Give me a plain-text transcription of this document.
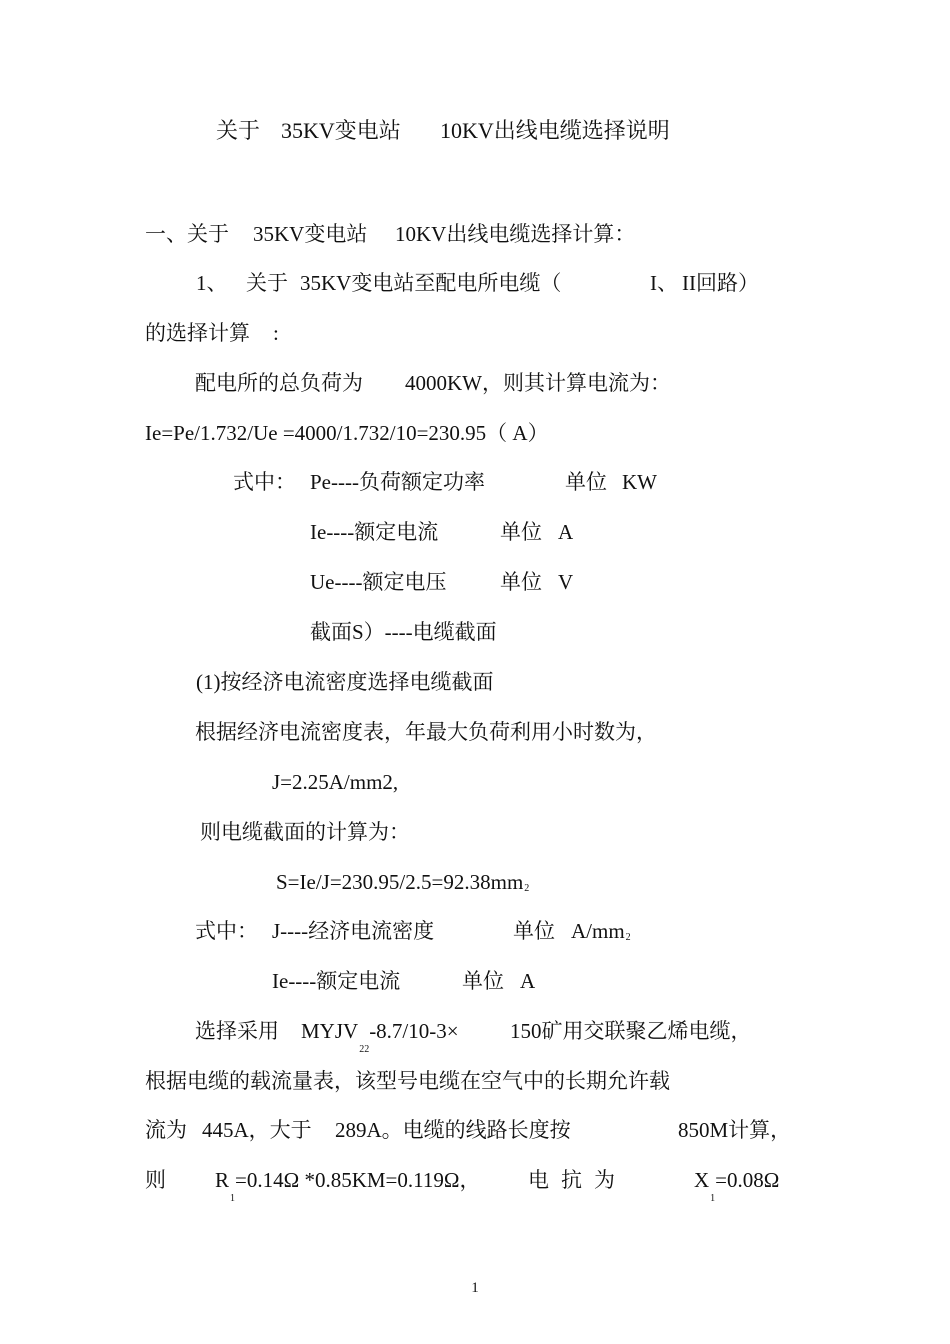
关于 35KV变电站 10KV出线电缆选择说明
一、关于 35KV变电站 10KV出线电缆选择计算：
1、 关于 35KV变电站至配电所电缆（	I、 II回路）
的选择计算 :
配电所的总负荷为 4000KW，则其计算电流为：
Ie=Pe/1.732/Ue =4000/1.732/10=230.95（ A）
式中： Pe----负荷额定功率	单位 KW
Ie----额定电流	单位 A
Ue----额定电压	单位 V
截面S）----电缆截面
(1)按经济电流密度选择电缆截面
根据经济电流密度表，年最大负荷利用小时数为，
J=2.25A/mm2,
则电缆截面的计算为：
S=Ie/J=230.95/2.5=92.38mm2
式中： J----经济电流密度	单位 A/mm2
Ie----额定电流	单位 A
选择采用 $MYJV_{22}-8.7/10-3\times 150$矿用交联聚乙烯电缆，
根据电缆的载流量表，该型号电缆在空气中的长期允许载
流为 445A，大于 289A。电缆的线路长度按	850M计算，
则 $R_1=0.14\Omega$ *0.85KM=0.119Ω， 电抗为	$X_1=0.08\Omega$
1
